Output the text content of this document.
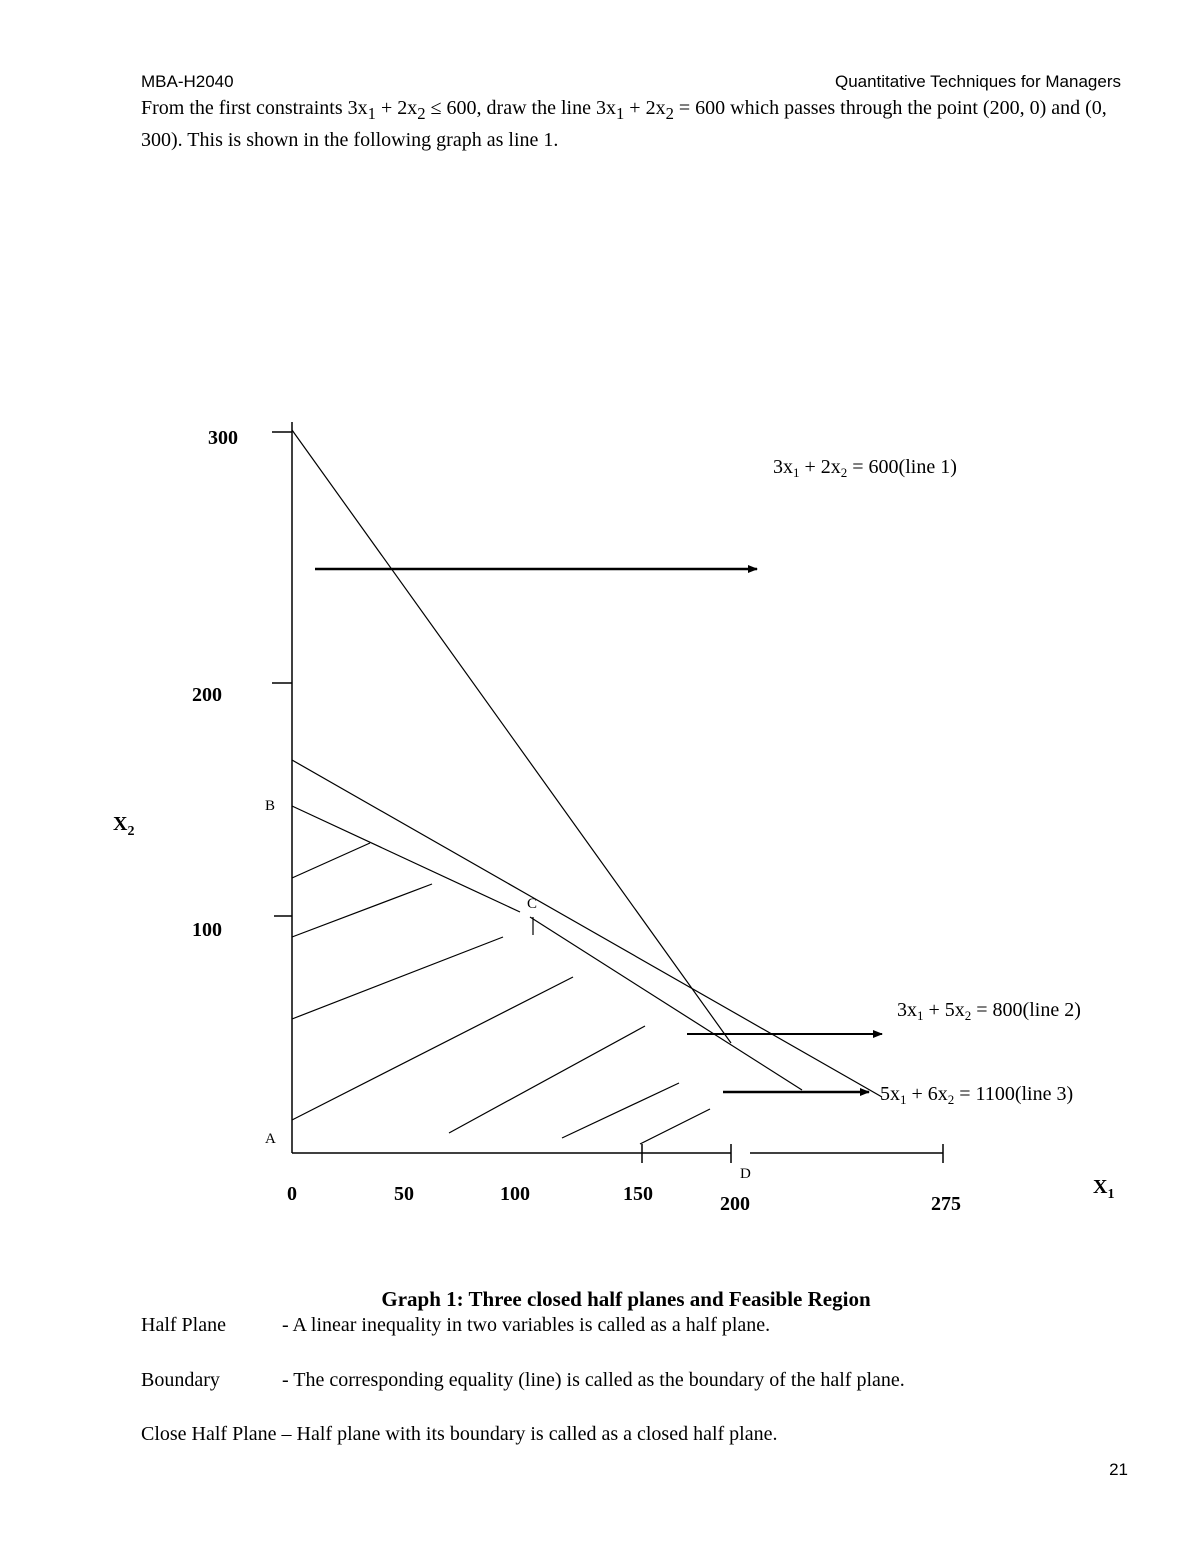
MBA-H2040	Quantitative Techniques for Managers
From the first constraints $3x_1 + 2x_2 \le 600$, draw the line $3x_1 + 2x_2 = 600$ which passes through the point (200, 0) and (0, 300). This is shown in the following graph as line 1.
300
200
100
0	50	100	150	200	275
$X_2$
$X_1$
A
B
C
D
$3x_1 + 2x_2$ = 600(line 1)
$3x_1 + 5x_2$ = 800(line 2)
$5x_1 + 6x_2$ = 1100(line 3)
Graph 1: Three closed half planes and Feasible Region
Half Plane	- A linear inequality in two variables is called as a half plane.
Boundary	- The corresponding equality (line) is called as the boundary of the half plane.
Close Half Plane – Half plane with its boundary is called as a closed half plane.
21
